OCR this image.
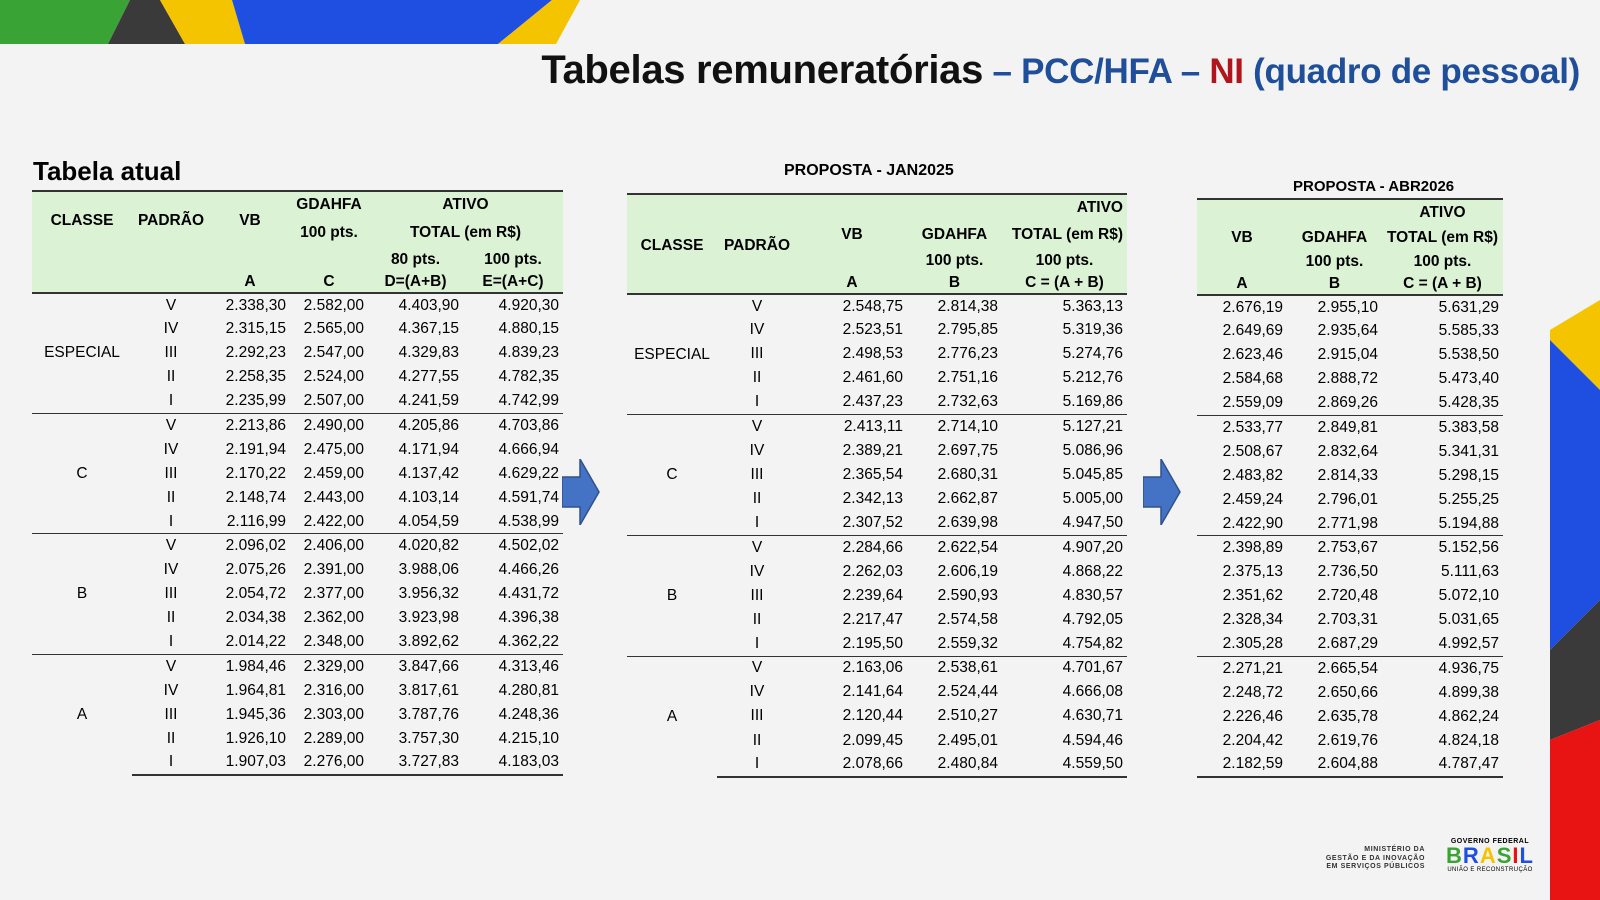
Tabelas remuneratórias – PCC/HFA – NI (quadro de pessoal)
Tabela atual	PROPOSTA - JAN2025
PROPOSTA - ABR2026
CLASSE	PADRÃO	VB	GDAHFA	ATIVO	
			100 pts.	TOTAL (em R$)	
				80 pts.	100 pts.
		A	C	D=(A+B)	E=(A+C)
ESPECIAL	V	2.338,30	2.582,00	4.403,90	4.920,30
	IV	2.315,15	2.565,00	4.367,15	4.880,15
	III	2.292,23	2.547,00	4.329,83	4.839,23
	II	2.258,35	2.524,00	4.277,55	4.782,35
	I	2.235,99	2.507,00	4.241,59	4.742,99
C	V	2.213,86	2.490,00	4.205,86	4.703,86
	IV	2.191,94	2.475,00	4.171,94	4.666,94
	III	2.170,22	2.459,00	4.137,42	4.629,22
	II	2.148,74	2.443,00	4.103,14	4.591,74
	I	2.116,99	2.422,00	4.054,59	4.538,99
B	V	2.096,02	2.406,00	4.020,82	4.502,02
	IV	2.075,26	2.391,00	3.988,06	4.466,26
	III	2.054,72	2.377,00	3.956,32	4.431,72
	II	2.034,38	2.362,00	3.923,98	4.396,38
	I	2.014,22	2.348,00	3.892,62	4.362,22
A	V	1.984,46	2.329,00	3.847,66	4.313,46
	IV	1.964,81	2.316,00	3.817,61	4.280,81
	III	1.945,36	2.303,00	3.787,76	4.248,36
	II	1.926,10	2.289,00	3.757,30	4.215,10
	I	1.907,03	2.276,00	3.727,83	4.183,03
				ATIVO
CLASSE	PADRÃO	VB	GDAHFA	TOTAL (em R$)
			100 pts.	100 pts.
		A	B	C = (A + B)
ESPECIAL	V	2.548,75	2.814,38	5.363,13
	IV	2.523,51	2.795,85	5.319,36
	III	2.498,53	2.776,23	5.274,76
	II	2.461,60	2.751,16	5.212,76
	I	2.437,23	2.732,63	5.169,86
C	V	2.413,11	2.714,10	5.127,21
	IV	2.389,21	2.697,75	5.086,96
	III	2.365,54	2.680,31	5.045,85
	II	2.342,13	2.662,87	5.005,00
	I	2.307,52	2.639,98	4.947,50
B	V	2.284,66	2.622,54	4.907,20
	IV	2.262,03	2.606,19	4.868,22
	III	2.239,64	2.590,93	4.830,57
	II	2.217,47	2.574,58	4.792,05
	I	2.195,50	2.559,32	4.754,82
A	V	2.163,06	2.538,61	4.701,67
	IV	2.141,64	2.524,44	4.666,08
	III	2.120,44	2.510,27	4.630,71
	II	2.099,45	2.495,01	4.594,46
	I	2.078,66	2.480,84	4.559,50
		ATIVO
VB	GDAHFA	TOTAL (em R$)
	100 pts.	100 pts.
A	B	C = (A + B)
2.676,19	2.955,10	5.631,29
2.649,69	2.935,64	5.585,33
2.623,46	2.915,04	5.538,50
2.584,68	2.888,72	5.473,40
2.559,09	2.869,26	5.428,35
2.533,77	2.849,81	5.383,58
2.508,67	2.832,64	5.341,31
2.483,82	2.814,33	5.298,15
2.459,24	2.796,01	5.255,25
2.422,90	2.771,98	5.194,88
2.398,89	2.753,67	5.152,56
2.375,13	2.736,50	5.111,63
2.351,62	2.720,48	5.072,10
2.328,34	2.703,31	5.031,65
2.305,28	2.687,29	4.992,57
2.271,21	2.665,54	4.936,75
2.248,72	2.650,66	4.899,38
2.226,46	2.635,78	4.862,24
2.204,42	2.619,76	4.824,18
2.182,59	2.604,88	4.787,47
MINISTÉRIO DA
GESTÃO E DA INOVAÇÃO
EM SERVIÇOS PÚBLICOS
GOVERNO FEDERAL
BRASIL
UNIÃO E RECONSTRUÇÃO
